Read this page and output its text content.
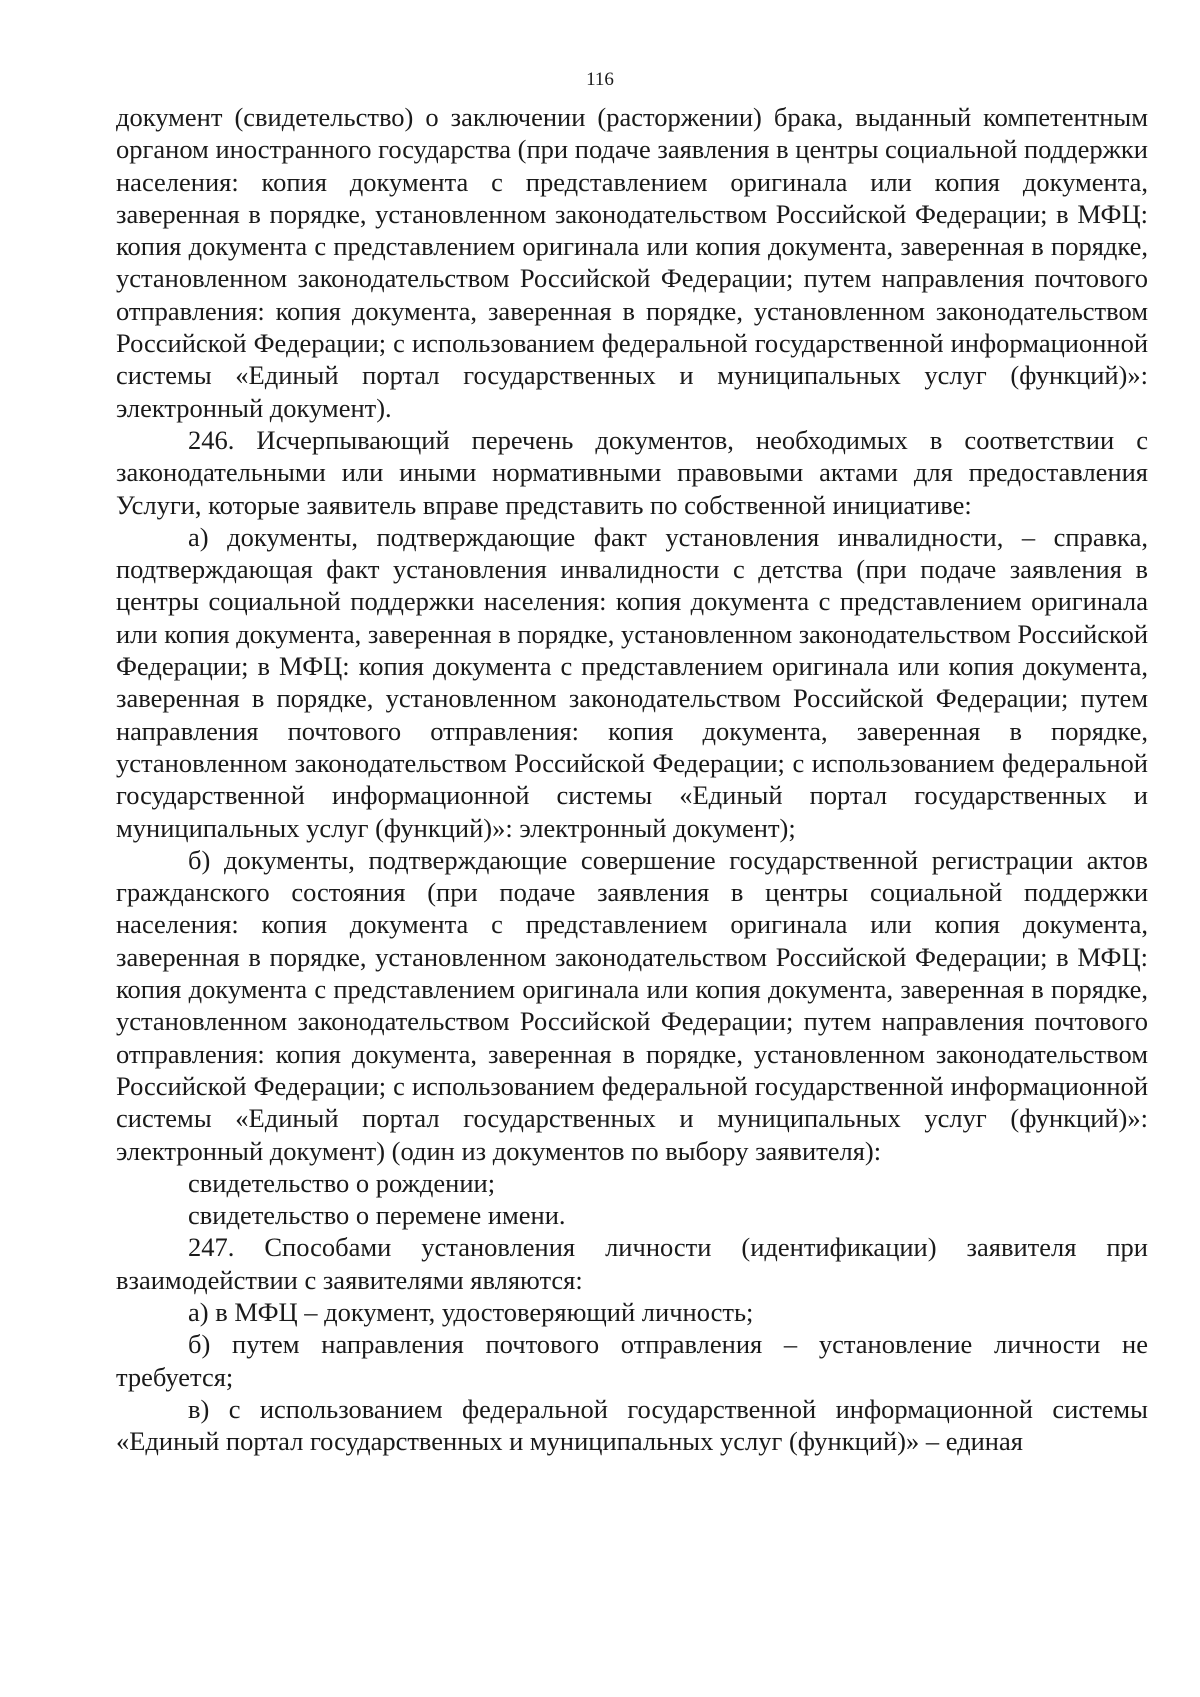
116

документ (свидетельство) о заключении (расторжении) брака, выданный компетентным органом иностранного государства (при подаче заявления в центры социальной поддержки населения: копия документа с представлением оригинала или копия документа, заверенная в порядке, установленном законодательством Российской Федерации; в МФЦ: копия документа с представлением оригинала или копия документа, заверенная в порядке, установленном законодательством Российской Федерации; путем направления почтового отправления: копия документа, заверенная в порядке, установленном законодательством Российской Федерации; с использованием федеральной государственной информационной системы «Единый портал государственных и муниципальных услуг (функций)»: электронный документ).

246. Исчерпывающий перечень документов, необходимых в соответствии с законодательными или иными нормативными правовыми актами для предоставления Услуги, которые заявитель вправе представить по собственной инициативе:

а) документы, подтверждающие факт установления инвалидности, – справка, подтверждающая факт установления инвалидности с детства (при подаче заявления в центры социальной поддержки населения: копия документа с представлением оригинала или копия документа, заверенная в порядке, установленном законодательством Российской Федерации; в МФЦ: копия документа с представлением оригинала или копия документа, заверенная в порядке, установленном законодательством Российской Федерации; путем направления почтового отправления: копия документа, заверенная в порядке, установленном законодательством Российской Федерации; с использованием федеральной государственной информационной системы «Единый портал государственных и муниципальных услуг (функций)»: электронный документ);

б) документы, подтверждающие совершение государственной регистрации актов гражданского состояния (при подаче заявления в центры социальной поддержки населения: копия документа с представлением оригинала или копия документа, заверенная в порядке, установленном законодательством Российской Федерации; в МФЦ: копия документа с представлением оригинала или копия документа, заверенная в порядке, установленном законодательством Российской Федерации; путем направления почтового отправления: копия документа, заверенная в порядке, установленном законодательством Российской Федерации; с использованием федеральной государственной информационной системы «Единый портал государственных и муниципальных услуг (функций)»: электронный документ) (один из документов по выбору заявителя):

свидетельство о рождении;

свидетельство о перемене имени.

247. Способами установления личности (идентификации) заявителя при взаимодействии с заявителями являются:

а) в МФЦ – документ, удостоверяющий личность;

б) путем направления почтового отправления – установление личности не требуется;

в) с использованием федеральной государственной информационной системы «Единый портал государственных и муниципальных услуг (функций)» – единая
